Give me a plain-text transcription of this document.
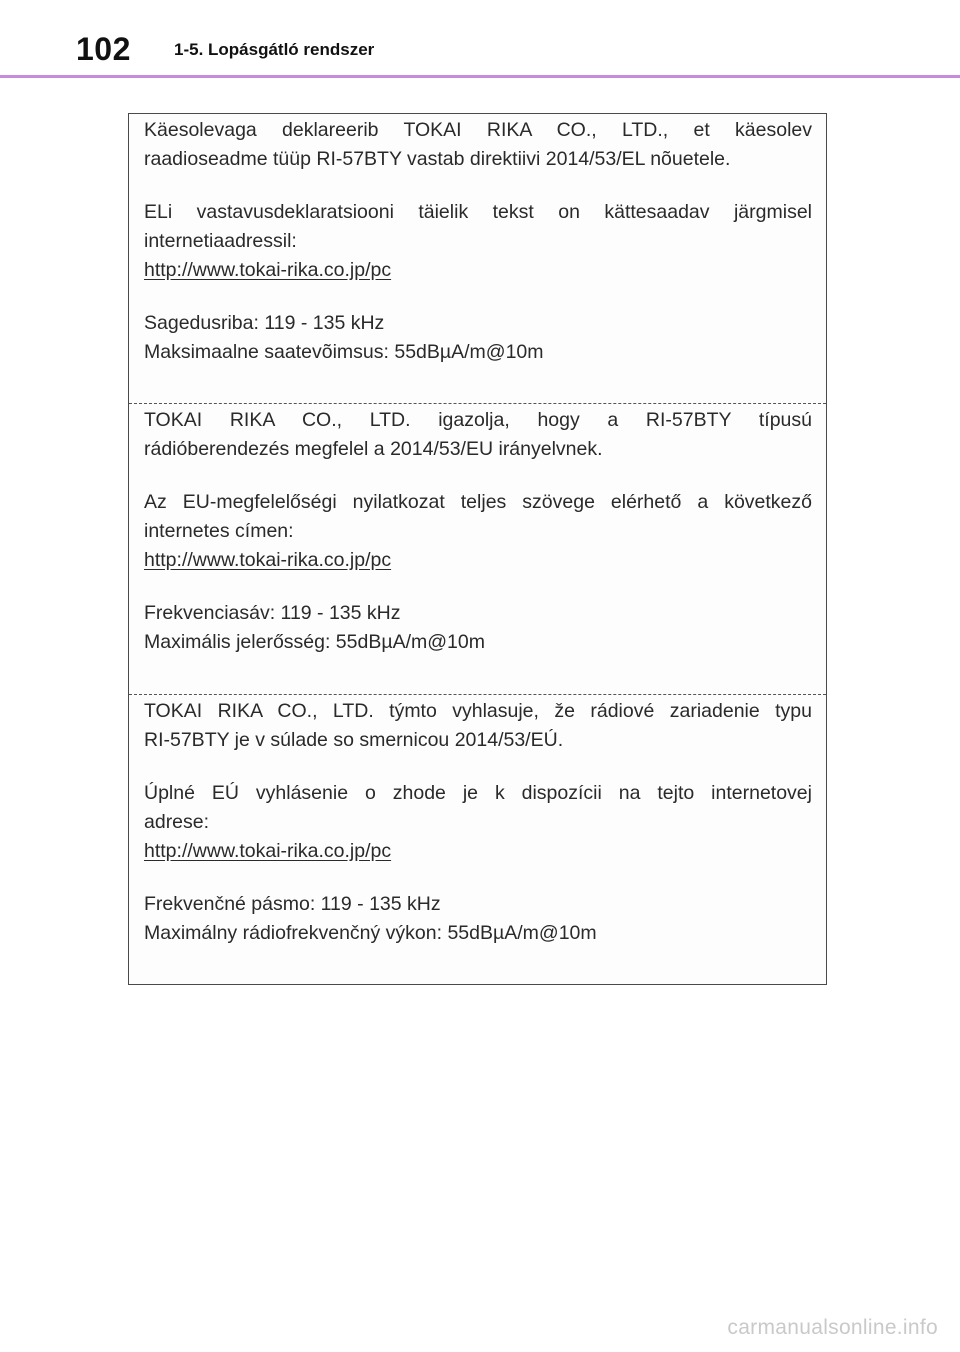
102	1-5. Lopásgátló rendszer

Käesolevaga deklareerib TOKAI RIKA CO., LTD., et käesolev
raadioseadme tüüp RI-57BTY vastab direktiivi 2014/53/EL nõuetele.

ELi vastavusdeklaratsiooni täielik tekst on kättesaadav järgmisel
internetiaadressil:

http://www.tokai-rika.co.jp/pc
Sagedusriba: 119 - 135 kHz
Maksimaalne saatevõimsus: 55dBµA/m@10m

TOKAI RIKA CO., LTD. igazolja, hogy a RI-57BTY típusú
rádióberendezés megfelel a 2014/53/EU irányelvnek.

Az EU-megfelelőségi nyilatkozat teljes szövege elérhető a következő
internetes címen:

http://www.tokai-rika.co.jp/pc
Frekvenciasáv: 119 - 135 kHz
Maximális jelerősség: 55dBµA/m@10m

TOKAI RIKA CO., LTD. týmto vyhlasuje, že rádiové zariadenie typu
RI-57BTY je v súlade so smernicou 2014/53/EÚ.

Úplné EÚ vyhlásenie o zhode je k dispozícii na tejto internetovej
adrese:

http://www.tokai-rika.co.jp/pc
Frekvenčné pásmo: 119 - 135 kHz
Maximálny rádiofrekvenčný výkon: 55dBµA/m@10m
carmanualsonline.info
